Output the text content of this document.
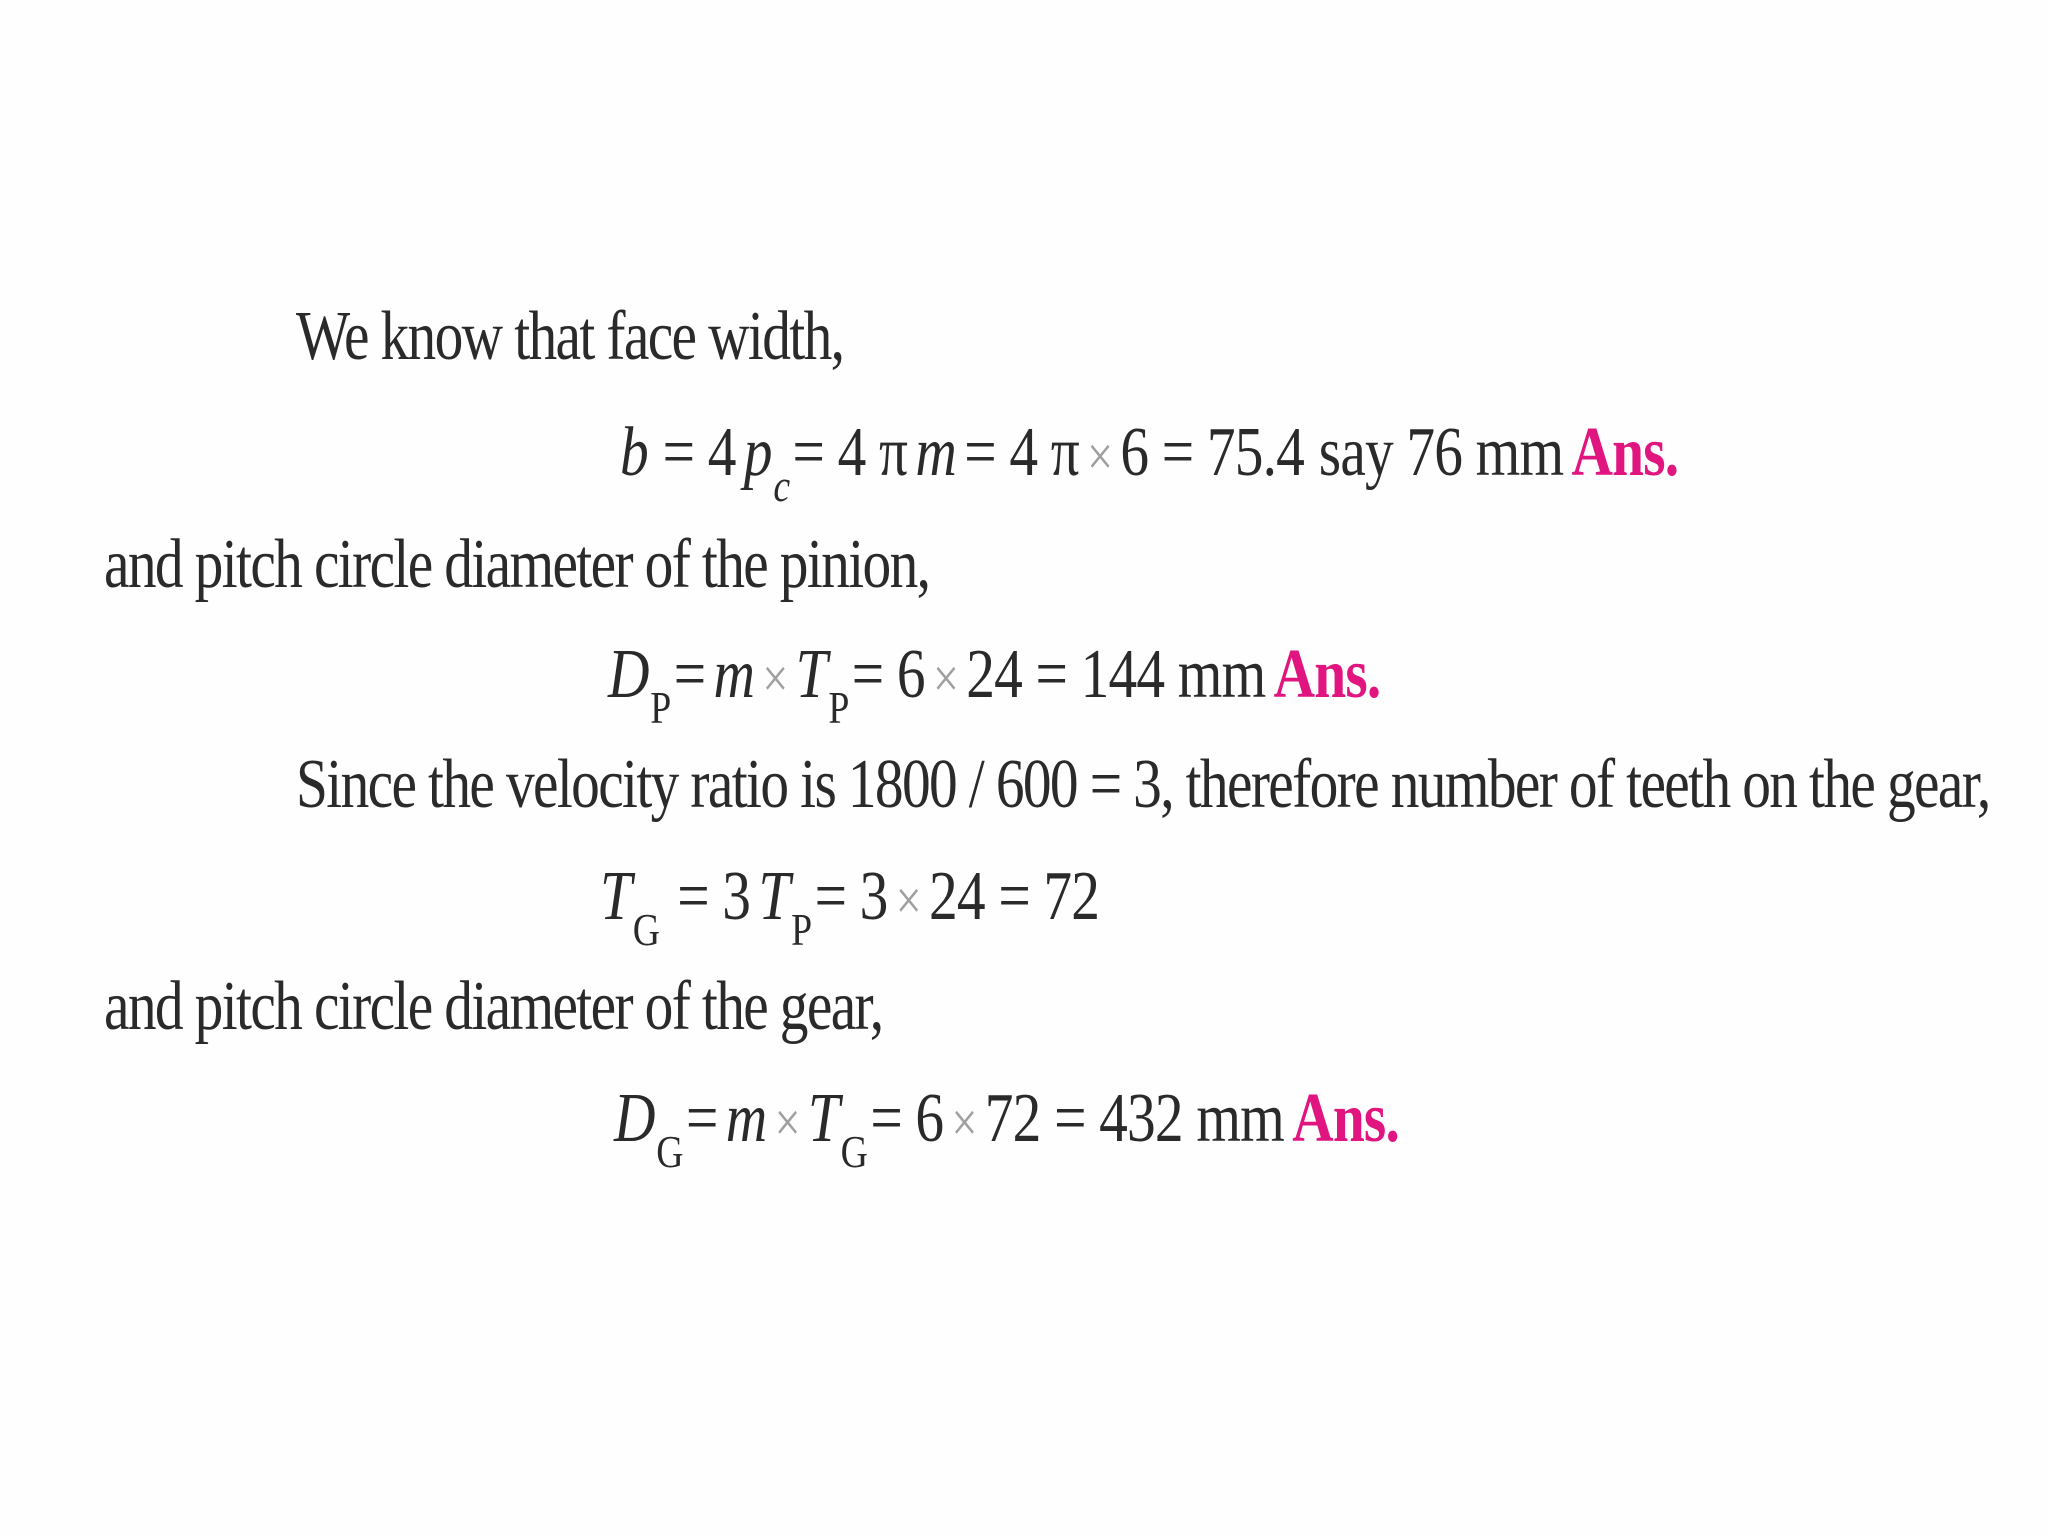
We know that face width,
b = 4 $p_c= 4$ π m = 4 π × 6 = 75.4 say 76 mm Ans.
and pitch circle diameter of the pinion,
$D_P= m \times T_P= 6 \times 24 = 144$ mm Ans.
Since the velocity ratio is 1800 / 600 = 3, therefore number of teeth on the gear,
$T_G = 3$ $T_P= 3 \times 24 = 72$
and pitch circle diameter of the gear,
$D_G= m \times T_G= 6 \times 72 = 432$ mm Ans.
